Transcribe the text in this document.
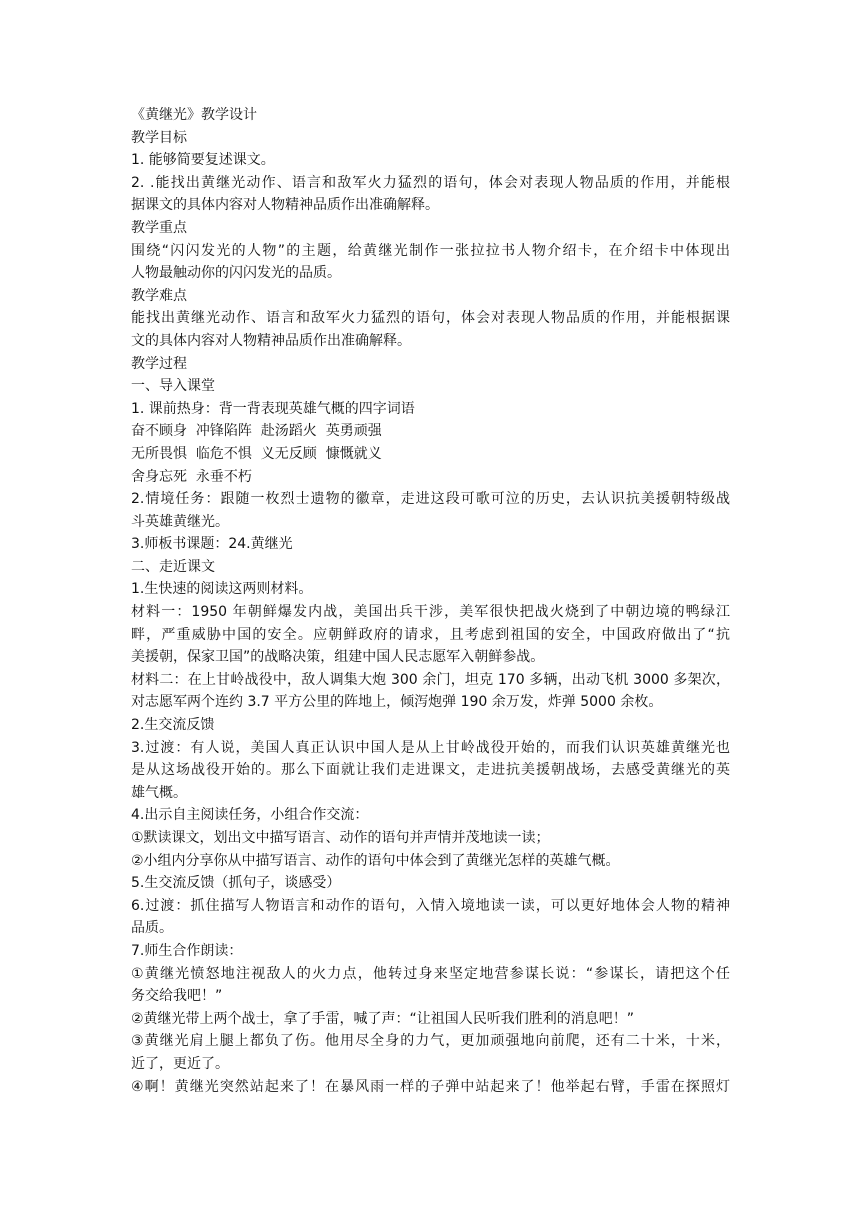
《黄继光》教学设计
教学目标
1. 能够简要复述课文。
2. .能找出黄继光动作、语言和敌军火力猛烈的语句，体会对表现人物品质的作用，并能根
据课文的具体内容对人物精神品质作出准确解释。
教学重点
围绕“闪闪发光的人物”的主题，给黄继光制作一张拉拉书人物介绍卡，在介绍卡中体现出
人物最触动你的闪闪发光的品质。
教学难点
能找出黄继光动作、语言和敌军火力猛烈的语句，体会对表现人物品质的作用，并能根据课
文的具体内容对人物精神品质作出准确解释。
教学过程
一、导入课堂
1. 课前热身：背一背表现英雄气概的四字词语
奋不顾身  冲锋陷阵  赴汤蹈火  英勇顽强
无所畏惧  临危不惧  义无反顾  慷慨就义
舍身忘死  永垂不朽
2.情境任务：跟随一枚烈士遗物的徽章，走进这段可歌可泣的历史，去认识抗美援朝特级战
斗英雄黄继光。
3.师板书课题：24.黄继光
二、走近课文
1.生快速的阅读这两则材料。
材料一：1950 年朝鲜爆发内战，美国出兵干涉，美军很快把战火烧到了中朝边境的鸭绿江
畔，严重威胁中国的安全。应朝鲜政府的请求，且考虑到祖国的安全，中国政府做出了“抗
美援朝，保家卫国”的战略决策，组建中国人民志愿军入朝鲜参战。
材料二：在上甘岭战役中，敌人调集大炮 300 余门，坦克 170 多辆，出动飞机 3000 多架次，
对志愿军两个连约 3.7 平方公里的阵地上，倾泻炮弹 190 余万发，炸弹 5000 余枚。
2.生交流反馈
3.过渡：有人说，美国人真正认识中国人是从上甘岭战役开始的，而我们认识英雄黄继光也
是从这场战役开始的。那么下面就让我们走进课文，走进抗美援朝战场，去感受黄继光的英
雄气概。
4.出示自主阅读任务，小组合作交流：
①默读课文，划出文中描写语言、动作的语句并声情并茂地读一读；
②小组内分享你从中描写语言、动作的语句中体会到了黄继光怎样的英雄气概。
5.生交流反馈（抓句子，谈感受）
6.过渡：抓住描写人物语言和动作的语句，入情入境地读一读，可以更好地体会人物的精神
品质。
7.师生合作朗读：
①黄继光愤怒地注视敌人的火力点，他转过身来坚定地营参谋长说：“参谋长，请把这个任
务交给我吧！”
②黄继光带上两个战士，拿了手雷，喊了声：“让祖国人民听我们胜利的消息吧！”
③黄继光肩上腿上都负了伤。他用尽全身的力气，更加顽强地向前爬，还有二十米，十米，
近了，更近了。
④啊！黄继光突然站起来了！在暴风雨一样的子弹中站起来了！他举起右臂，手雷在探照灯
